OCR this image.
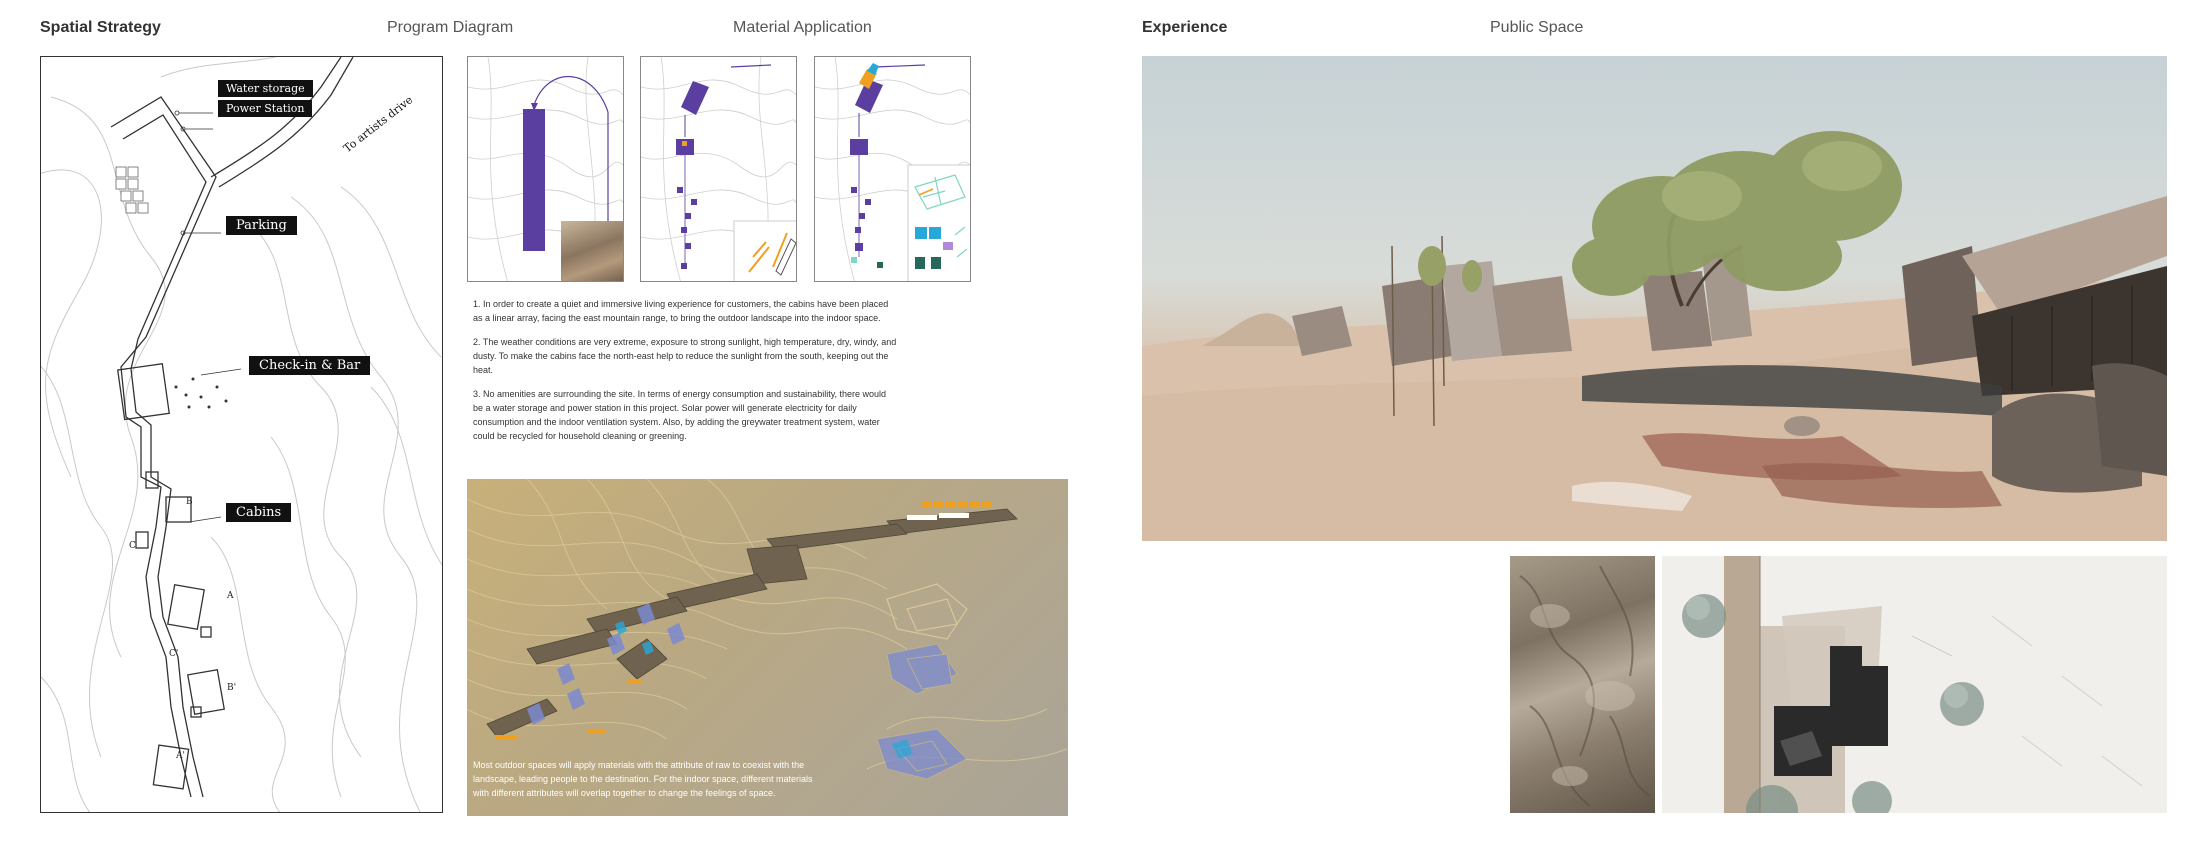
Spatial Strategy	Program Diagram	Material Application	Experience	Public Space
To artists drive
Water storage
Power Station
Parking
Check-in & Bar
Cabins
B
C
A
C'
B'
A'

1. In order to create a quiet and immersive living experience for customers, the cabins have been placed as a linear array, facing the east mountain range, to bring the outdoor landscape into the indoor space.

2. The weather conditions are very extreme, exposure to strong sunlight, high temperature, dry, windy, and dusty. To make the cabins face the north-east help to reduce the sunlight from the south, keeping out the heat.

3. No amenities are surrounding the site. In terms of energy consumption and sustainability, there would be a water storage and power station in this project. Solar power will generate electricity for daily consumption and the indoor ventilation system. Also, by adding the greywater treatment system, water could be recycled for household cleaning or greening.

Most outdoor spaces will apply materials with the attribute of raw to coexist with the landscape, leading people to the destination. For the indoor space, different materials with different attributes will overlap together to change the feelings of space.
